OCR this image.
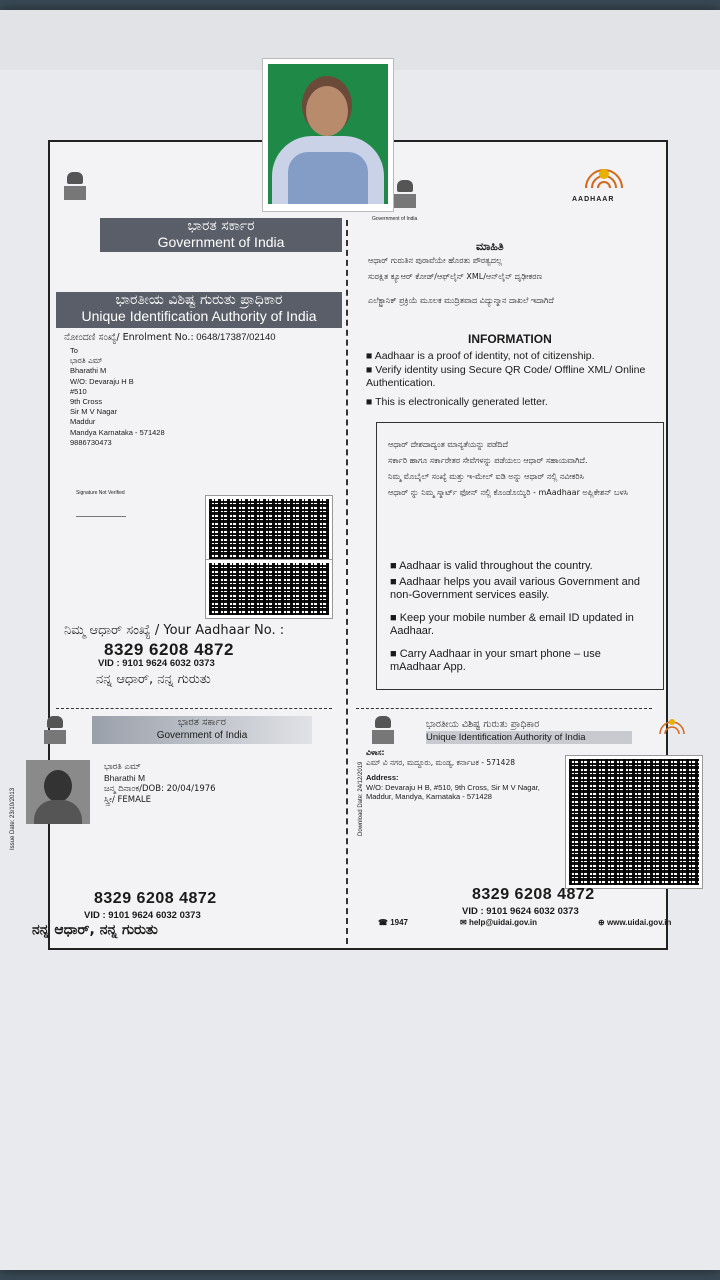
ಭಾರತ ಸರ್ಕಾರ
Government of India
ಭಾರತೀಯ ವಿಶಿಷ್ಟ ಗುರುತು ಪ್ರಾಧಿಕಾರ
Unique Identification Authority of India
ನೋಂದಣಿ ಸಂಖ್ಯೆ/ Enrolment No.: 0648/17387/02140
To
ಭಾರತಿ ಎಮ್
Bharathi M
W/O: Devaraju H B
#510
9th Cross
Sir M V Nagar
Maddur
Mandya Karnataka - 571428
9886730473
Signature Not Verified
ನಿಮ್ಮ ಆಧಾರ್ ಸಂಖ್ಯೆ / Your Aadhaar No. :
8329 6208 4872
VID : 9101 9624 6032 0373
ನನ್ನ ಆಧಾರ್, ನನ್ನ ಗುರುತು
Government of India
AADHAAR
ಮಾಹಿತಿ
ಆಧಾರ್ ಗುರುತಿನ ಪುರಾವೆಯೇ ಹೊರತು ಪೌರತ್ವದಲ್ಲ
ಸುರಕ್ಷಿತ ಕ್ಯೂಆರ್ ಕೋಡ್/ಆಫ್‌ಲೈನ್ XML/ಆನ್‌ಲೈನ್ ದೃಢೀಕರಣ
ಎಲೆಕ್ಟ್ರಾನಿಕ್ ಪ್ರಕ್ರಿಯೆ ಮೂಲಕ ಮುದ್ರಿತವಾದ ವಿದ್ಯುನ್ಮಾನ ದಾಖಲೆ ಇದಾಗಿದೆ
INFORMATION
■ Aadhaar is a proof of identity, not of citizenship.
■ Verify identity using Secure QR Code/ Offline XML/ Online Authentication.
■ This is electronically generated letter.
ಆಧಾರ್ ದೇಶದಾದ್ಯಂತ ಮಾನ್ಯತೆಯನ್ನು ಪಡೆದಿದೆ
ಸರ್ಕಾರಿ ಹಾಗೂ ಸರ್ಕಾರೇತರ ಸೇವೆಗಳನ್ನು ಪಡೆಯಲು ಆಧಾರ್ ಸಹಾಯವಾಗಿದೆ.
ನಿಮ್ಮ ಮೊಬೈಲ್ ಸಂಖ್ಯೆ ಮತ್ತು ಇ-ಮೇಲ್ ಐಡಿ ಅನ್ನು ಆಧಾರ್ ನಲ್ಲಿ ನವೀಕರಿಸಿ
ಆಧಾರ್ ನ್ನು ನಿಮ್ಮ ಸ್ಮಾರ್ಟ್ ಫೋನ್ ನಲ್ಲಿ ಕೊಂಡೊಯ್ಯಿರಿ - mAadhaar ಅಪ್ಲಿಕೇಶನ್ ಬಳಸಿ
■ Aadhaar is valid throughout the country.
■ Aadhaar helps you avail various Government and non-Government services easily.
■ Keep your mobile number & email ID updated in Aadhaar.
■ Carry Aadhaar in your smart phone – use mAadhaar App.
ಭಾರತ ಸರ್ಕಾರ
Government of India
Issue Date: 23/10/2013
ಭಾರತಿ ಎಮ್
Bharathi M
ಜನ್ಮ ದಿನಾಂಕ/DOB: 20/04/1976
ಸ್ತ್ರೀ/ FEMALE
8329 6208 4872
VID : 9101 9624 6032 0373
ನನ್ನ ಆಧಾರ್, ನನ್ನ ಗುರುತು
ಭಾರತೀಯ ವಿಶಿಷ್ಟ ಗುರುತು ಪ್ರಾಧಿಕಾರ
Unique Identification Authority of India
Download Date: 24/12/2019
ವಿಳಾಸ:
ಎಮ್ ವಿ ನಗರ, ಮದ್ದೂರು, ಮಂಡ್ಯ, ಕರ್ನಾಟಕ - 571428
Address:
W/O: Devaraju H B, #510, 9th Cross, Sir M V Nagar, Maddur, Mandya, Karnataka - 571428
8329 6208 4872
VID : 9101 9624 6032 0373
☎ 1947	✉ help@uidai.gov.in	⊕ www.uidai.gov.in
